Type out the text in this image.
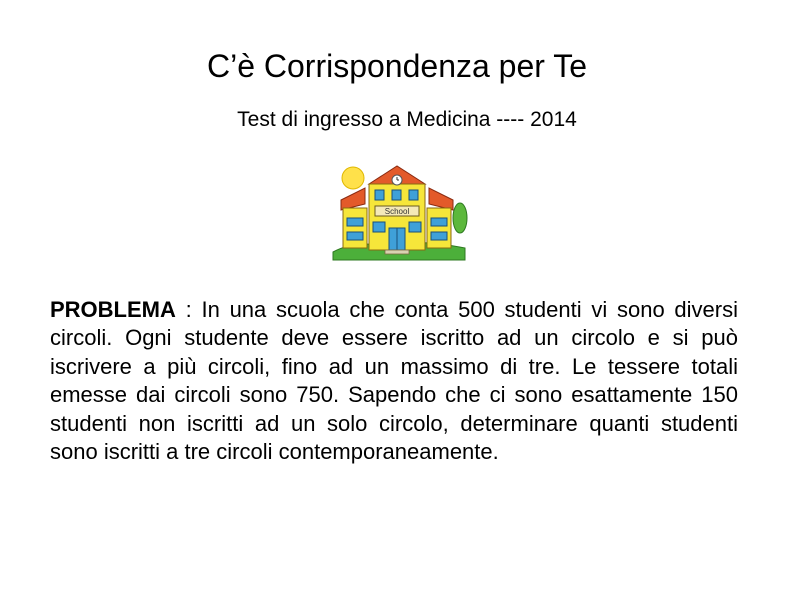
C’è Corrispondenza per Te
Test di ingresso a Medicina ---- 2014
School

PROBLEMA : In una scuola che conta 500 studenti vi sono diversi circoli. Ogni studente deve essere iscritto ad un circolo e si può iscrivere a più circoli, fino ad un massimo di tre. Le tessere totali emesse dai circoli sono 750. Sapendo che ci sono esattamente 150 studenti non iscritti ad un solo circolo, determinare quanti studenti sono iscritti a tre circoli contemporaneamente.
